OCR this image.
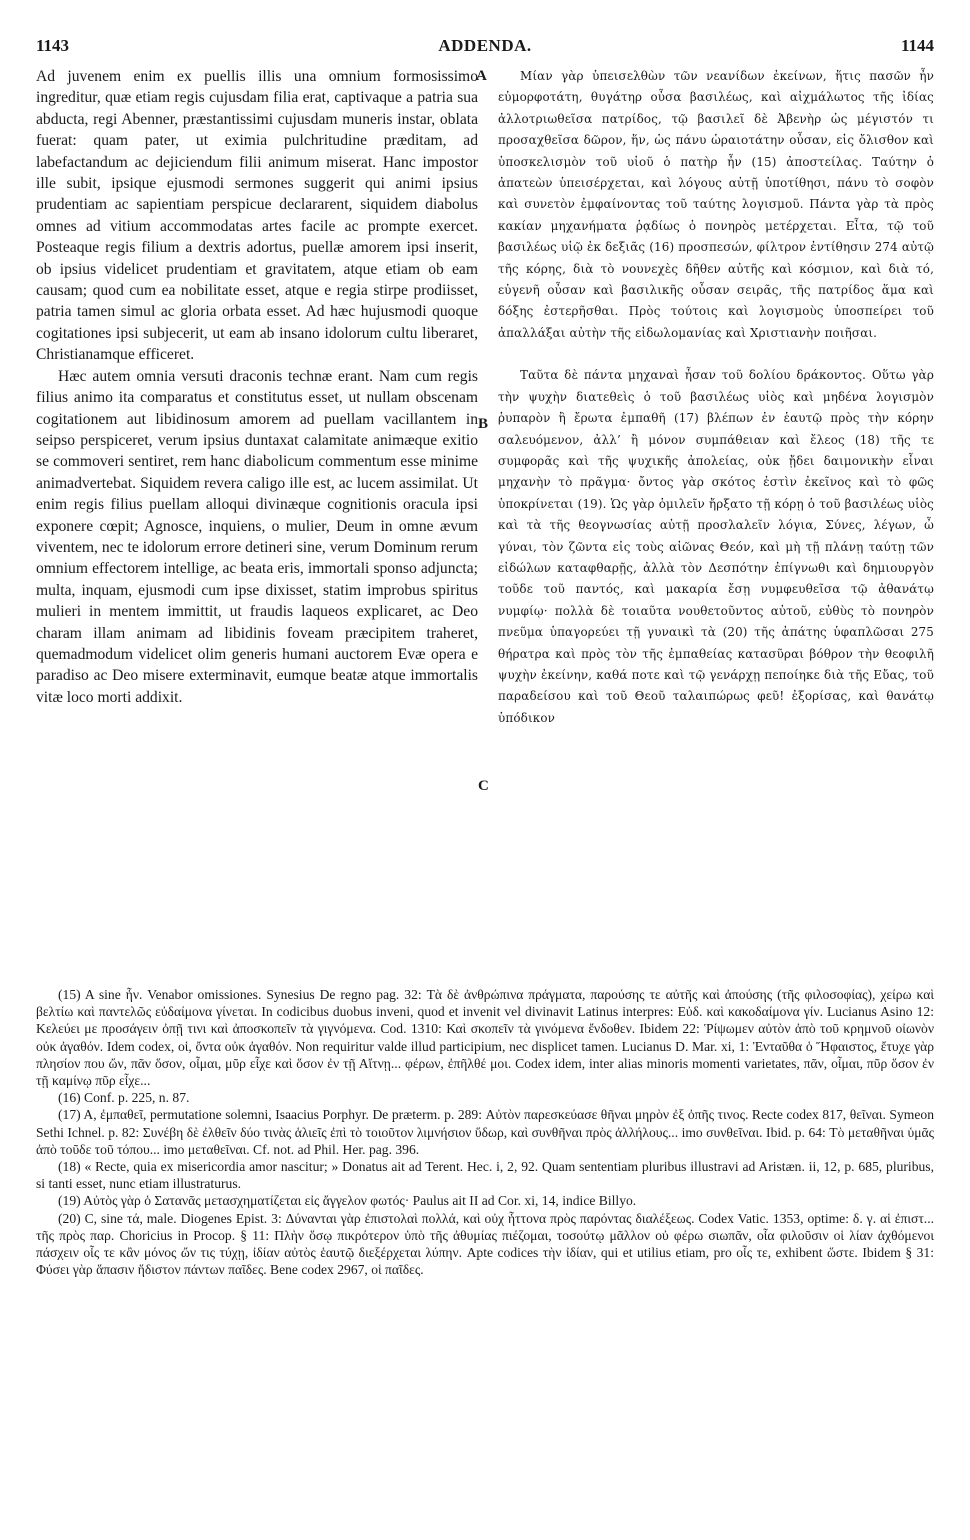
1143	ADDENDA.	1144

Ad juvenem enim ex puellis illis una omnium formosissimo ingreditur, quæ etiam regis cujusdam filia erat, captivaque a patria sua abducta, regi Abenner, præstantissimi cujusdam muneris instar, oblata fuerat: quam pater, ut eximia pulchritudine præditam, ad labefactandum ac dejiciendum filii animum miserat. Hanc impostor ille subit, ipsique ejusmodi sermones suggerit qui animi ipsius prudentiam ac sapientiam perspicue declararent, siquidem diabolus omnes ad vitium accommodatas artes facile ac promptе exercet. Posteaque regis filium a dextris adortus, puellæ amorem ipsi inserit, ob ipsius videlicet prudentiam et gravitatem, atque etiam ob eam causam; quod cum ea nobilitate esset, atque e regia stirpe prodiisset, patria tamen simul ac gloria orbata esset. Ad hæc hujusmodi quoque cogitationes ipsi subjecerit, ut eam ab insano idolorum cultu liberaret, Christianamque efficeret.

Hæc autem omnia versuti draconis technæ erant. Nam cum regis filius animo ita comparatus et constitutus esset, ut nullam obscenam cogitationem aut libidinosum amorem ad puellam vacillantem in seipso perspiceret, verum ipsius duntaxat calamitate animæque exitio se commoveri sentiret, rem hanc diabolicum commentum esse minime animadvertebat. Siquidem revera caligo ille est, ac lucem assimilat. Ut enim regis filius puellam alloqui divinæque cognitionis oracula ipsi exponere cœpit; Agnosce, inquiens, o mulier, Deum in omne ævum viventem, nec te idolorum errore detineri sine, verum Dominum rerum omnium effectorem intellige, ac beata eris, immortali sponso adjuncta; multa, inquam, ejusmodi cum ipse dixisset, statim improbus spiritus mulieri in mentem immittit, ut fraudis laqueos explicaret, ac Deo charam illam animam ad libidinis foveam præcipitem traheret, quemadmodum videlicet olim generis humani auctorem Evæ opera e paradiso ac Deo misere exterminavit, eumque beatæ atque immortalis vitæ loco morti addixit.

A
B
C

Μίαν γὰρ ὑπεισελθὼν τῶν νεανίδων ἐκείνων, ἥτις πασῶν ἦν εὐμορφοτάτη, θυγάτηρ οὖσα βασιλέως, καὶ αἰχμάλωτος τῆς ἰδίας ἀλλοτριωθεῖσα πατρίδος, τῷ βασιλεῖ δὲ Ἀβενὴρ ὡς μέγιστόν τι προσαχθεῖσα δῶρον, ἥν, ὡς πάνυ ὡραιοτάτην οὖσαν, εἰς ὄλισθον καὶ ὑποσκελισμὸν τοῦ υἱοῦ ὁ πατὴρ ἦν (15) ἀποστείλας. Ταύτην ὁ ἀπατεὼν ὑπεισέρχεται, καὶ λόγους αὐτῇ ὑποτίθησι, πάνυ τὸ σοφὸν καὶ συνετὸν ἐμφαίνοντας τοῦ ταύτης λογισμοῦ. Πάντα γὰρ τὰ πρὸς κακίαν μηχανήματα ῥᾳδίως ὁ πονηρὸς μετέρχεται. Εἶτα, τῷ τοῦ βασιλέως υἱῷ ἐκ δεξιᾶς (16) προσπεσών, φίλτρον ἐντίθησιν 274 αὐτῷ τῆς κόρης, διὰ τὸ νουνεχὲς δῆθεν αὐτῆς καὶ κόσμιον, καὶ διὰ τό, εὐγενῆ οὖσαν καὶ βασιλικῆς οὖσαν σειρᾶς, τῆς πατρίδος ἅμα καὶ δόξης ἐστερῆσθαι. Πρὸς τούτοις καὶ λογισμοὺς ὑποσπείρει τοῦ ἀπαλλάξαι αὐτὴν τῆς εἰδωλομανίας καὶ Χριστιανὴν ποιῆσαι.

Ταῦτα δὲ πάντα μηχαναὶ ἦσαν τοῦ δολίου δράκοντος. Οὕτω γὰρ τὴν ψυχὴν διατεθεὶς ὁ τοῦ βασιλέως υἱὸς καὶ μηδένα λογισμὸν ῥυπαρὸν ἢ ἔρωτα ἐμπαθῆ (17) βλέπων ἐν ἑαυτῷ πρὸς τὴν κόρην σαλευόμενον, ἀλλ’ ἢ μόνον συμπάθειαν καὶ ἔλεος (18) τῆς τε συμφορᾶς καὶ τῆς ψυχικῆς ἀπολείας, οὐκ ᾔδει δαιμονικὴν εἶναι μηχανὴν τὸ πρᾶγμα· ὄντος γὰρ σκότος ἐστὶν ἐκεῖνος καὶ τὸ φῶς ὑποκρίνεται (19). Ὡς γὰρ ὁμιλεῖν ἤρξατο τῇ κόρῃ ὁ τοῦ βασιλέως υἱὸς καὶ τὰ τῆς θεογνωσίας αὐτῇ προσλαλεῖν λόγια, Σύνες, λέγων, ὦ γύναι, τὸν ζῶντα εἰς τοὺς αἰῶνας Θεόν, καὶ μὴ τῇ πλάνῃ ταύτῃ τῶν εἰδώλων καταφθαρῇς, ἀλλὰ τὸν Δεσπότην ἐπίγνωθι καὶ δημιουργὸν τοῦδε τοῦ παντός, καὶ μακαρία ἔσῃ νυμφευθεῖσα τῷ ἀθανάτῳ νυμφίῳ· πολλὰ δὲ τοιαῦτα νουθετοῦντος αὐτοῦ, εὐθὺς τὸ πονηρὸν πνεῦμα ὑπαγορεύει τῇ γυναικὶ τὰ (20) τῆς ἀπάτης ὑφαπλῶσαι 275 θήρατρα καὶ πρὸς τὸν τῆς ἐμπαθείας κατασῦραι βόθρον τὴν θεοφιλῆ ψυχὴν ἐκείνην, καθά ποτε καὶ τῷ γενάρχῃ πεποίηκε διὰ τῆς Εὔας, τοῦ παραδείσου καὶ τοῦ Θεοῦ ταλαιπώρως φεῦ! ἐξορίσας, καὶ θανάτῳ ὑπόδικον

(15) A sine ἦν. Venabor omissiones. Synesius De regno pag. 32: Τὰ δὲ ἀνθρώπινα πράγματα, παρούσης τε αὐτῆς καὶ ἀπούσης (τῆς φιλοσοφίας), χείρω καὶ βελτίω καὶ παντελῶς εὐδαίμονα γίνεται. In codicibus duobus inveni, quod et invenit vel divinavit Latinus interpres: Εὐδ. καὶ κακοδαίμονα γίν. Lucianus Asino 12: Κελεύει με προσάγειν ὀπῇ τινι καὶ ἀποσκοπεῖν τὰ γιγνόμενα. Cod. 1310: Καὶ σκοπεῖν τὰ γινόμενα ἔνδοθεν. Ibidem 22: Ῥίψωμεν αὐτὸν ἀπὸ τοῦ κρημνοῦ οἰωνὸν οὐκ ἀγαθόν. Idem codex, οἱ, ὄντα οὐκ ἀγαθόν. Non requiritur valde illud participium, nec displicet tamen. Lucianus D. Mar. xi, 1: Ἐνταῦθα ὁ Ἥφαιστος, ἔτυχε γὰρ πλησίον που ὤν, πᾶν ὅσον, οἶμαι, μῦρ εἶχε καὶ ὅσον ἐν τῇ Αἴτνῃ... φέρων, ἐπῆλθέ μοι. Codex idem, inter alias minoris momenti varietates, πᾶν, οἶμαι, πῦρ ὅσον ἐν τῇ καμίνῳ πῦρ εἶχε...

(16) Conf. p. 225, n. 87.

(17) A, ἐμπαθεῖ, permutatione solemni, Isaacius Porphyr. De præterm. p. 289: Αὐτὸν παρεσκεύασε θῆναι μηρὸν ἐξ ὀπῆς τινος. Recte codex 817, θεῖναι. Symeon Sethi Ichnel. p. 82: Συνέβη δὲ ἐλθεῖν δύο τινὰς ἁλιεῖς ἐπὶ τὸ τοιοῦτον λιμνήσιον ὕδωρ, καὶ συνθῆναι πρὸς ἀλλήλους... imo συνθεῖναι. Ibid. p. 64: Τὸ μεταθῆναι ὑμᾶς ἀπὸ τοῦδε τοῦ τόπου... imo μεταθεῖναι. Cf. not. ad Phil. Her. pag. 396.

(18) « Recte, quia ex misericordia amor nascitur; » Donatus ait ad Terent. Hec. i, 2, 92. Quam sententiam pluribus illustravi ad Aristæn. ii, 12, p. 685, pluribus, si tanti esset, nunc etiam illustraturus.

(19) Αὐτὸς γὰρ ὁ Σατανᾶς μετασχηματίζεται εἰς ἄγγελον φωτός· Paulus ait II ad Cor. xi, 14, indice Billyo.

(20) C, sine τά, male. Diogenes Epist. 3: Δύνανται γὰρ ἐπιστολαὶ πολλά, καὶ οὐχ ἧττονα πρὸς παρόντας διαλέξεως. Codex Vatic. 1353, optime: δ. γ. αἱ ἐπιστ... τῆς πρὸς παρ. Choricius in Procop. § 11: Πλὴν ὅσῳ πικρότερον ὑπὸ τῆς ἀθυμίας πιέζομαι, τοσούτῳ μᾶλλον οὐ φέρω σιωπᾶν, οἷα φιλοῦσιν οἱ λίαν ἀχθόμενοι πάσχειν οἷς τε κἂν μόνος ὤν τις τύχῃ, ἰδίαν αὐτὸς ἑαυτῷ διεξέρχεται λύπην. Apte codices τὴν ἰδίαν, qui et utilius etiam, pro οἷς τε, exhibent ὥστε. Ibidem § 31: Φύσει γὰρ ἅπασιν ἥδιστον πάντων παῖδες. Bene codex 2967, οἱ παῖδες.
